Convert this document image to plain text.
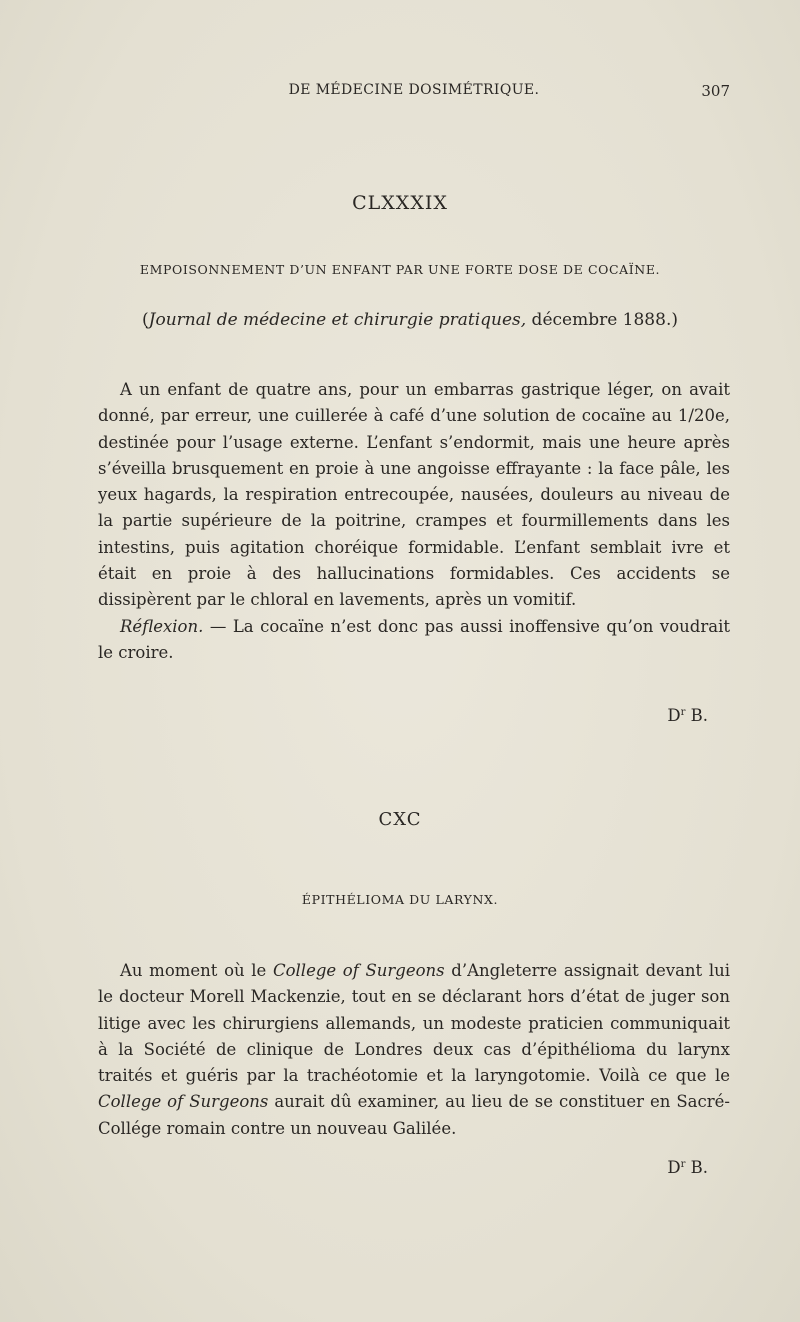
DE MÉDECINE DOSIMÉTRIQUE.	307
CLXXXIX
EMPOISONNEMENT D’UN ENFANT PAR UNE FORTE DOSE DE COCAÏNE.
(Journal de médecine et chirurgie pratiques, décembre 1888.)

A un enfant de quatre ans, pour un embarras gastrique léger, on avait donné, par erreur, une cuillerée à café d’une solution de cocaïne au 1/20e, destinée pour l’usage externe. L’enfant s’endormit, mais une heure après s’éveilla brusquement en proie à une angoisse effrayante : la face pâle, les yeux hagards, la respiration entrecoupée, nausées, douleurs au niveau de la partie supérieure de la poitrine, crampes et fourmillements dans les intestins, puis agitation choréique formidable. L’enfant semblait ivre et était en proie à des hallucinations formidables. Ces accidents se dissipèrent par le chloral en lavements, après un vomitif.

Réflexion. — La cocaïne n’est donc pas aussi inoffensive qu’on voudrait le croire.

$D^r$ B.
CXC
ÉPITHÉLIOMA DU LARYNX.

Au moment où le College of Surgeons d’Angleterre assignait devant lui le docteur Morell Mackenzie, tout en se déclarant hors d’état de juger son litige avec les chirurgiens allemands, un modeste praticien communiquait à la Société de clinique de Londres deux cas d’épithélioma du larynx traités et guéris par la trachéotomie et la laryngotomie. Voilà ce que le College of Surgeons aurait dû examiner, au lieu de se constituer en Sacré-Collége romain contre un nouveau Galilée.

$D^r$ B.
